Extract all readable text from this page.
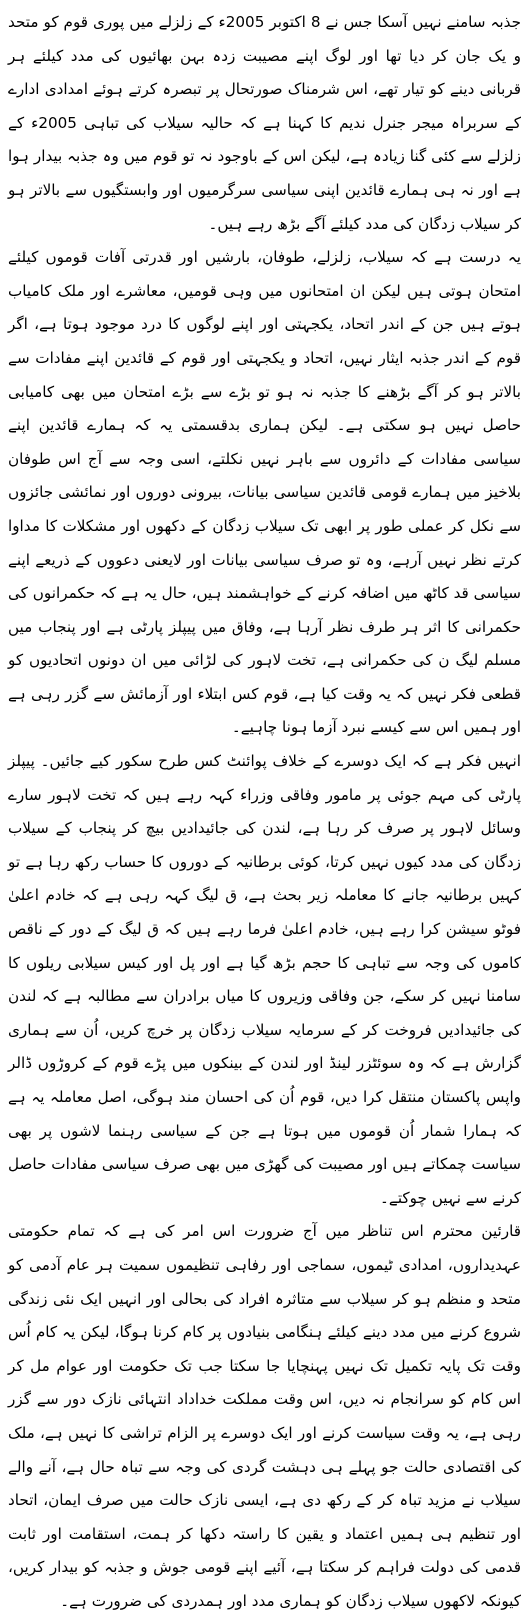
جذبہ سامنے نہیں آسکا جس نے 8 اکتوبر 2005ء کے زلزلے میں پوری قوم کو متحد و یک جان کر دیا تھا اور لوگ اپنے مصیبت زدہ بہن بھائیوں کی مدد کیلئے ہر قربانی دینے کو تیار تھے، اس شرمناک صورتحال پر تبصرہ کرتے ہوئے امدادی ادارے کے سربراہ میجر جنرل ندیم کا کہنا ہے کہ حالیہ سیلاب کی تباہی 2005ء کے زلزلے سے کئی گنا زیادہ ہے، لیکن اس کے باوجود نہ تو قوم میں وہ جذبہ بیدار ہوا ہے اور نہ ہی ہمارے قائدین اپنی سیاسی سرگرمیوں اور وابستگیوں سے بالاتر ہو کر سیلاب زدگان کی مدد کیلئے آگے بڑھ رہے ہیں۔

یہ درست ہے کہ سیلاب، زلزلے، طوفان، بارشیں اور قدرتی آفات قوموں کیلئے امتحان ہوتی ہیں لیکن ان امتحانوں میں وہی قومیں، معاشرے اور ملک کامیاب ہوتے ہیں جن کے اندر اتحاد، یکجہتی اور اپنے لوگوں کا درد موجود ہوتا ہے، اگر قوم کے اندر جذبہ ایثار نہیں، اتحاد و یکجہتی اور قوم کے قائدین اپنے مفادات سے بالاتر ہو کر آگے بڑھنے کا جذبہ نہ ہو تو بڑے سے بڑے امتحان میں بھی کامیابی حاصل نہیں ہو سکتی ہے۔ لیکن ہماری بدقسمتی یہ کہ ہمارے قائدین اپنے سیاسی مفادات کے دائروں سے باہر نہیں نکلتے، اسی وجہ سے آج اس طوفان بلاخیز میں ہمارے قومی قائدین سیاسی بیانات، بیرونی دوروں اور نمائشی جائزوں سے نکل کر عملی طور پر ابھی تک سیلاب زدگان کے دکھوں اور مشکلات کا مداوا کرتے نظر نہیں آرہے، وہ تو صرف سیاسی بیانات اور لایعنی دعووں کے ذریعے اپنے سیاسی قد کاٹھ میں اضافہ کرنے کے خواہشمند ہیں، حال یہ ہے کہ حکمرانوں کی حکمرانی کا اثر ہر طرف نظر آرہا ہے، وفاق میں پیپلز پارٹی ہے اور پنجاب میں مسلم لیگ ن کی حکمرانی ہے، تخت لاہور کی لڑائی میں ان دونوں اتحادیوں کو قطعی فکر نہیں کہ یہ وقت کیا ہے، قوم کس ابتلاء اور آزمائش سے گزر رہی ہے اور ہمیں اس سے کیسے نبرد آزما ہونا چاہیے۔

انہیں فکر ہے کہ ایک دوسرے کے خلاف پوائنٹ کس طرح سکور کیے جائیں۔ پیپلز پارٹی کی مہم جوئی پر مامور وفاقی وزراء کہہ رہے ہیں کہ تخت لاہور سارے وسائل لاہور پر صرف کر رہا ہے، لندن کی جائیدادیں بیچ کر پنجاب کے سیلاب زدگان کی مدد کیوں نہیں کرتا، کوئی برطانیہ کے دوروں کا حساب رکھ رہا ہے تو کہیں برطانیہ جانے کا معاملہ زیر بحث ہے، ق لیگ کہہ رہی ہے کہ خادم اعلیٰ فوٹو سیشن کرا رہے ہیں، خادم اعلیٰ فرما رہے ہیں کہ ق لیگ کے دور کے ناقص کاموں کی وجہ سے تباہی کا حجم بڑھ گیا ہے اور پل اور کیس سیلابی ریلوں کا سامنا نہیں کر سکے، جن وفاقی وزیروں کا میاں برادران سے مطالبہ ہے کہ لندن کی جائیدادیں فروخت کر کے سرمایہ سیلاب زدگان پر خرچ کریں، اُن سے ہماری گزارش ہے کہ وہ سوئٹزر لینڈ اور لندن کے بینکوں میں پڑے قوم کے کروڑوں ڈالر واپس پاکستان منتقل کرا دیں، قوم اُن کی احسان مند ہوگی، اصل معاملہ یہ ہے کہ ہمارا شمار اُن قوموں میں ہوتا ہے جن کے سیاسی رہنما لاشوں پر بھی سیاست چمکاتے ہیں اور مصیبت کی گھڑی میں بھی صرف سیاسی مفادات حاصل کرنے سے نہیں چوکتے۔

قارئین محترم اس تناظر میں آج ضرورت اس امر کی ہے کہ تمام حکومتی عہدیداروں، امدادی ٹیموں، سماجی اور رفاہی تنظیموں سمیت ہر عام آدمی کو متحد و منظم ہو کر سیلاب سے متاثرہ افراد کی بحالی اور انہیں ایک نئی زندگی شروع کرنے میں مدد دینے کیلئے ہنگامی بنیادوں پر کام کرنا ہوگا، لیکن یہ کام اُس وقت تک پایہ تکمیل تک نہیں پہنچایا جا سکتا جب تک حکومت اور عوام مل کر اس کام کو سرانجام نہ دیں، اس وقت مملکت خداداد انتہائی نازک دور سے گزر رہی ہے، یہ وقت سیاست کرنے اور ایک دوسرے پر الزام تراشی کا نہیں ہے، ملک کی اقتصادی حالت جو پہلے ہی دہشت گردی کی وجہ سے تباہ حال ہے، آنے والے سیلاب نے مزید تباہ کر کے رکھ دی ہے، ایسی نازک حالت میں صرف ایمان، اتحاد اور تنظیم ہی ہمیں اعتماد و یقین کا راستہ دکھا کر ہمت، استقامت اور ثابت قدمی کی دولت فراہم کر سکتا ہے، آئیے اپنے قومی جوش و جذبہ کو بیدار کریں، کیونکہ لاکھوں سیلاب زدگان کو ہماری مدد اور ہمدردی کی ضرورت ہے۔
